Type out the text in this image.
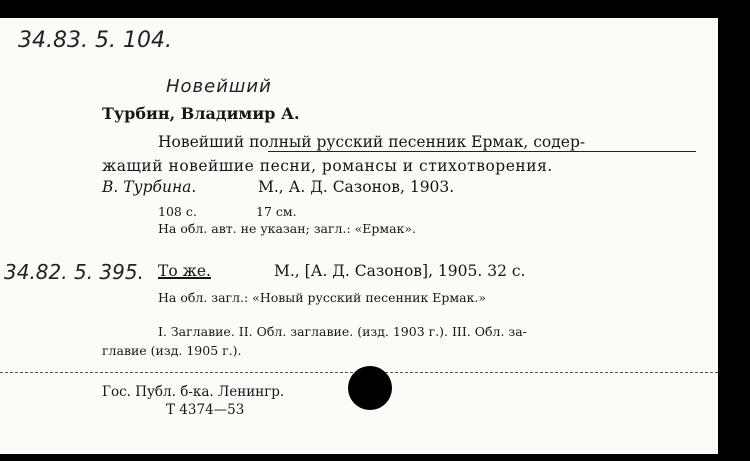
34.83. 5. 104.
Новейший
Турбин, Владимир А.
Новейший полный русский песенник Ермак, содер-
жащий новейшие песни, романсы и стихотворения.
В. Турбина.	М., А. Д. Сазонов, 1903.
108 с.	17 см.
На обл. авт. не указан; загл.: «Ермак».
34.82. 5. 395. То же.	М., [А. Д. Сазонов], 1905. 32 с.
На обл. загл.: «Новый русский песенник Ермак.»
I. Заглавие. II. Обл. заглавие. (изд. 1903 г.). III. Обл. за-
главие (изд. 1905 г.).
Гос. Публ. б-ка. Ленингр.
Т 4374—53
